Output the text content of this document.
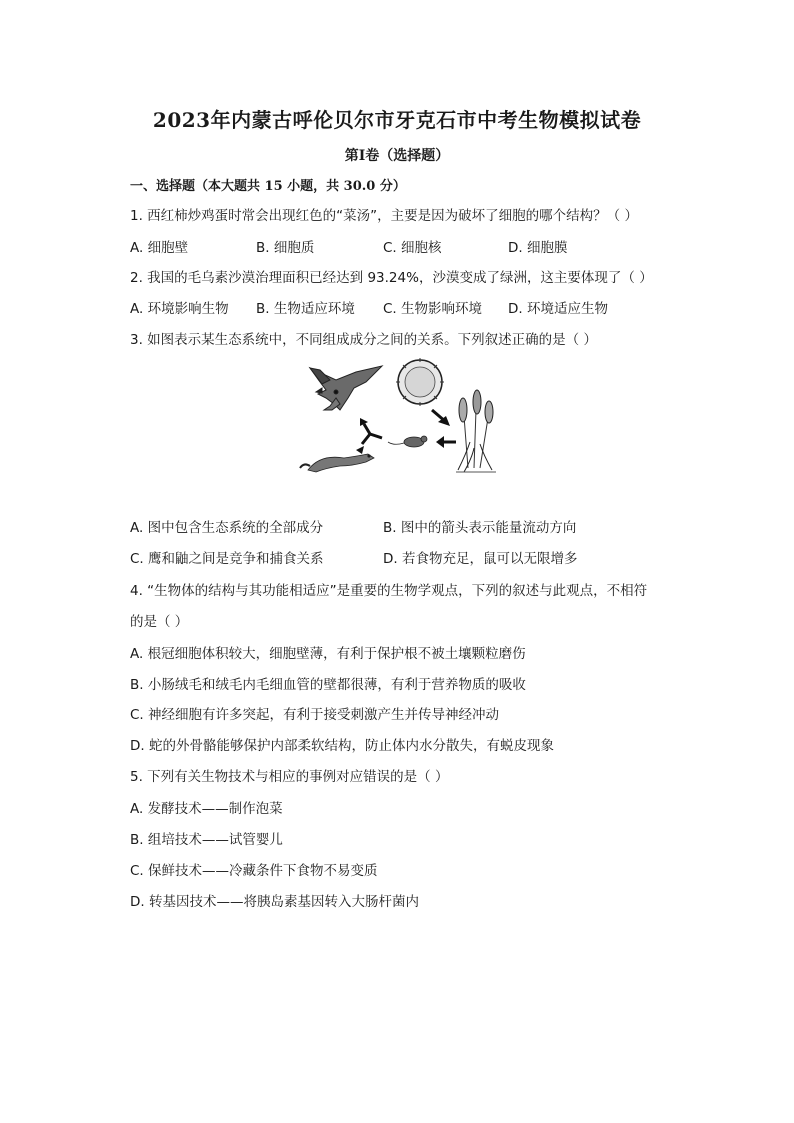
2023年内蒙古呼伦贝尔市牙克石市中考生物模拟试卷
第I卷（选择题）
一、选择题（本大题共 15 小题，共 30.0 分）
1. 西红柿炒鸡蛋时常会出现红色的“菜汤”，主要是因为破坏了细胞的哪个结构？（ ）
A. 细胞壁	B. 细胞质	C. 细胞核	D. 细胞膜
2. 我国的毛乌素沙漠治理面积已经达到 93.24%，沙漠变成了绿洲，这主要体现了（ ）
A. 环境影响生物 B. 生物适应环境 C. 生物影响环境 D. 环境适应生物
3. 如图表示某生态系统中，不同组成成分之间的关系。下列叙述正确的是（ ）
A. 图中包含生态系统的全部成分	B. 图中的箭头表示能量流动方向
C. 鹰和鼬之间是竞争和捕食关系	D. 若食物充足，鼠可以无限增多
4. “生物体的结构与其功能相适应”是重要的生物学观点，下列的叙述与此观点，不相符
的是（ ）
A. 根冠细胞体积较大，细胞壁薄，有利于保护根不被土壤颗粒磨伤
B. 小肠绒毛和绒毛内毛细血管的壁都很薄，有利于营养物质的吸收
C. 神经细胞有许多突起，有利于接受刺激产生并传导神经冲动
D. 蛇的外骨骼能够保护内部柔软结构，防止体内水分散失，有蜕皮现象
5. 下列有关生物技术与相应的事例对应错误的是（ ）
A. 发酵技术——制作泡菜
B. 组培技术——试管婴儿
C. 保鲜技术——冷藏条件下食物不易变质
D. 转基因技术——将胰岛素基因转入大肠杆菌内
